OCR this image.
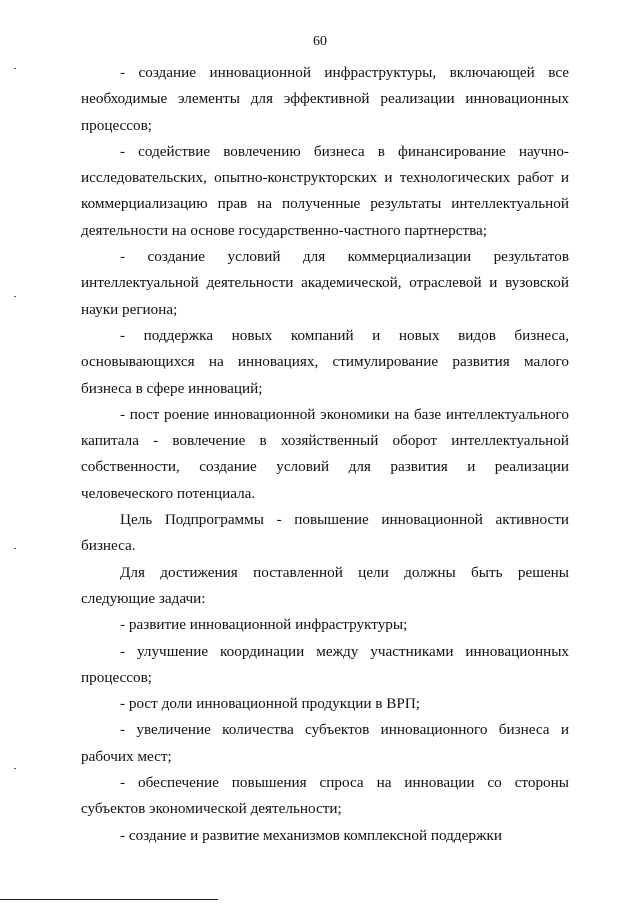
60

- создание инновационной инфраструктуры, включающей все необходимые элементы для эффективной реализации инновационных процессов;

- содействие вовлечению бизнеса в финансирование научно-исследовательских, опытно-конструкторских и технологических работ и коммерциализацию прав на полученные результаты интеллектуальной деятельности на основе государственно-частного партнерства;

- создание условий для коммерциализации результатов интеллектуальной деятельности академической, отраслевой и вузовской науки региона;

- поддержка новых компаний и новых видов бизнеса, основывающихся на инновациях, стимулирование развития малого бизнеса в сфере инноваций;

- пост роение инновационной экономики на базе интеллектуального капитала - вовлечение в хозяйственный оборот интеллектуальной собственности, создание условий для развития и реализации человеческого потенциала.

Цель Подпрограммы - повышение инновационной активности бизнеса.

Для достижения поставленной цели должны быть решены следующие задачи:

- развитие инновационной инфраструктуры;

- улучшение координации между участниками инновационных процессов;

- рост доли инновационной продукции в ВРП;

- увеличение количества субъектов инновационного бизнеса и рабочих мест;

- обеспечение повышения спроса на инновации со стороны субъектов экономической деятельности;

- создание и развитие механизмов комплексной поддержки
